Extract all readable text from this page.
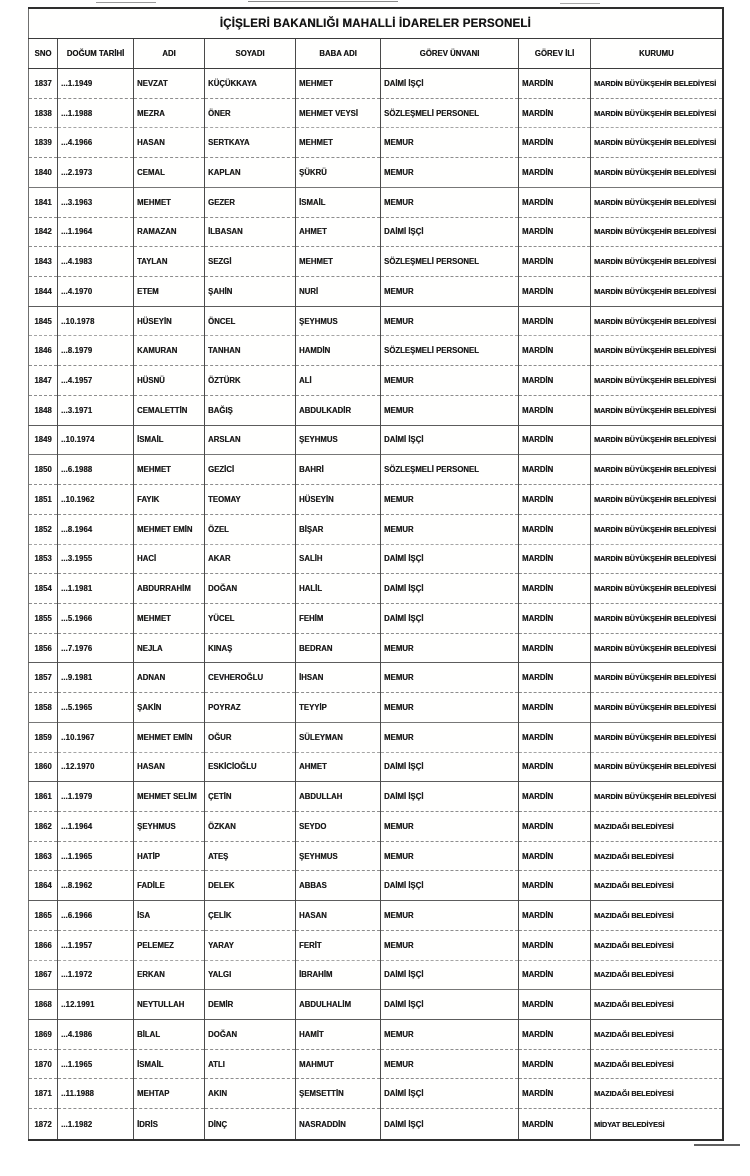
İÇİŞLERİ BAKANLIĞI MAHALLİ İDARELER PERSONELİ							
SNO	DOĞUM TARİHİ	ADI	SOYADI	BABA ADI	GÖREV ÜNVANI	GÖREV İLİ	KURUMU
1837	...1.1949	NEVZAT	KÜÇÜKKAYA	MEHMET	DAİMİ İŞÇİ	MARDİN	MARDİN BÜYÜKŞEHİR BELEDİYESİ
1838	...1.1988	MEZRA	ÖNER	MEHMET VEYSİ	SÖZLEŞMELİ PERSONEL	MARDİN	MARDİN BÜYÜKŞEHİR BELEDİYESİ
1839	...4.1966	HASAN	SERTKAYA	MEHMET	MEMUR	MARDİN	MARDİN BÜYÜKŞEHİR BELEDİYESİ
1840	...2.1973	CEMAL	KAPLAN	ŞÜKRÜ	MEMUR	MARDİN	MARDİN BÜYÜKŞEHİR BELEDİYESİ
1841	...3.1963	MEHMET	GEZER	İSMAİL	MEMUR	MARDİN	MARDİN BÜYÜKŞEHİR BELEDİYESİ
1842	...1.1964	RAMAZAN	İLBASAN	AHMET	DAİMİ İŞÇİ	MARDİN	MARDİN BÜYÜKŞEHİR BELEDİYESİ
1843	...4.1983	TAYLAN	SEZGİ	MEHMET	SÖZLEŞMELİ PERSONEL	MARDİN	MARDİN BÜYÜKŞEHİR BELEDİYESİ
1844	...4.1970	ETEM	ŞAHİN	NURİ	MEMUR	MARDİN	MARDİN BÜYÜKŞEHİR BELEDİYESİ
1845	..10.1978	HÜSEYİN	ÖNCEL	ŞEYHMUS	MEMUR	MARDİN	MARDİN BÜYÜKŞEHİR BELEDİYESİ
1846	...8.1979	KAMURAN	TANHAN	HAMDİN	SÖZLEŞMELİ PERSONEL	MARDİN	MARDİN BÜYÜKŞEHİR BELEDİYESİ
1847	...4.1957	HÜSNÜ	ÖZTÜRK	ALİ	MEMUR	MARDİN	MARDİN BÜYÜKŞEHİR BELEDİYESİ
1848	...3.1971	CEMALETTİN	BAĞIŞ	ABDULKADİR	MEMUR	MARDİN	MARDİN BÜYÜKŞEHİR BELEDİYESİ
1849	..10.1974	İSMAİL	ARSLAN	ŞEYHMUS	DAİMİ İŞÇİ	MARDİN	MARDİN BÜYÜKŞEHİR BELEDİYESİ
1850	...6.1988	MEHMET	GEZİCİ	BAHRİ	SÖZLEŞMELİ PERSONEL	MARDİN	MARDİN BÜYÜKŞEHİR BELEDİYESİ
1851	..10.1962	FAYIK	TEOMAY	HÜSEYİN	MEMUR	MARDİN	MARDİN BÜYÜKŞEHİR BELEDİYESİ
1852	...8.1964	MEHMET EMİN	ÖZEL	BİŞAR	MEMUR	MARDİN	MARDİN BÜYÜKŞEHİR BELEDİYESİ
1853	...3.1955	HACİ	AKAR	SALİH	DAİMİ İŞÇİ	MARDİN	MARDİN BÜYÜKŞEHİR BELEDİYESİ
1854	...1.1981	ABDURRAHİM	DOĞAN	HALİL	DAİMİ İŞÇİ	MARDİN	MARDİN BÜYÜKŞEHİR BELEDİYESİ
1855	...5.1966	MEHMET	YÜCEL	FEHİM	DAİMİ İŞÇİ	MARDİN	MARDİN BÜYÜKŞEHİR BELEDİYESİ
1856	...7.1976	NEJLA	KINAŞ	BEDRAN	MEMUR	MARDİN	MARDİN BÜYÜKŞEHİR BELEDİYESİ
1857	...9.1981	ADNAN	CEVHEROĞLU	İHSAN	MEMUR	MARDİN	MARDİN BÜYÜKŞEHİR BELEDİYESİ
1858	...5.1965	ŞAKİN	POYRAZ	TEYYİP	MEMUR	MARDİN	MARDİN BÜYÜKŞEHİR BELEDİYESİ
1859	..10.1967	MEHMET EMİN	OĞUR	SÜLEYMAN	MEMUR	MARDİN	MARDİN BÜYÜKŞEHİR BELEDİYESİ
1860	..12.1970	HASAN	ESKİCİOĞLU	AHMET	DAİMİ İŞÇİ	MARDİN	MARDİN BÜYÜKŞEHİR BELEDİYESİ
1861	...1.1979	MEHMET SELİM	ÇETİN	ABDULLAH	DAİMİ İŞÇİ	MARDİN	MARDİN BÜYÜKŞEHİR BELEDİYESİ
1862	...1.1964	ŞEYHMUS	ÖZKAN	SEYDO	MEMUR	MARDİN	MAZIDAĞI BELEDİYESİ
1863	...1.1965	HATİP	ATEŞ	ŞEYHMUS	MEMUR	MARDİN	MAZIDAĞI BELEDİYESİ
1864	...8.1962	FADİLE	DELEK	ABBAS	DAİMİ İŞÇİ	MARDİN	MAZIDAĞI BELEDİYESİ
1865	...6.1966	İSA	ÇELİK	HASAN	MEMUR	MARDİN	MAZIDAĞI BELEDİYESİ
1866	...1.1957	PELEMEZ	YARAY	FERİT	MEMUR	MARDİN	MAZIDAĞI BELEDİYESİ
1867	...1.1972	ERKAN	YALGI	İBRAHİM	DAİMİ İŞÇİ	MARDİN	MAZIDAĞI BELEDİYESİ
1868	..12.1991	NEYTULLAH	DEMİR	ABDULHALİM	DAİMİ İŞÇİ	MARDİN	MAZIDAĞI BELEDİYESİ
1869	...4.1986	BİLAL	DOĞAN	HAMİT	MEMUR	MARDİN	MAZIDAĞI BELEDİYESİ
1870	...1.1965	İSMAİL	ATLI	MAHMUT	MEMUR	MARDİN	MAZIDAĞI BELEDİYESİ
1871	..11.1988	MEHTAP	AKIN	ŞEMSETTİN	DAİMİ İŞÇİ	MARDİN	MAZIDAĞI BELEDİYESİ
1872	...1.1982	İDRİS	DİNÇ	NASRADDİN	DAİMİ İŞÇİ	MARDİN	MİDYAT BELEDİYESİ
